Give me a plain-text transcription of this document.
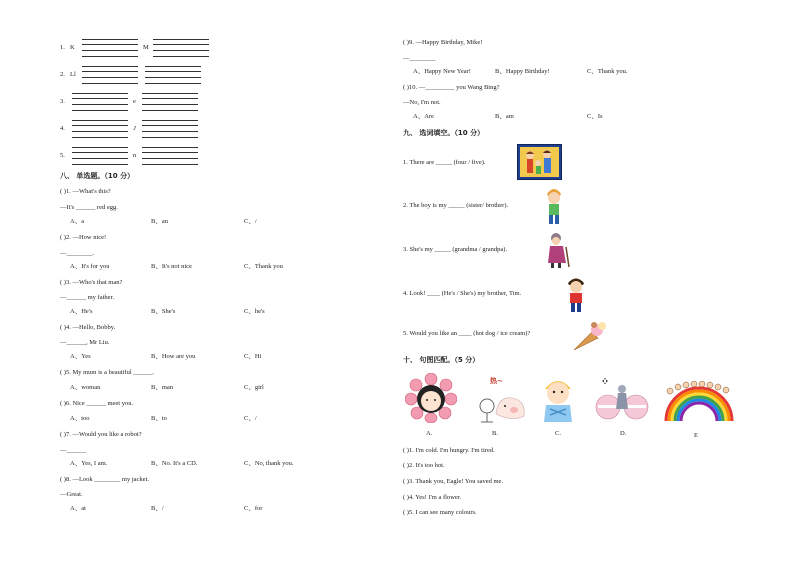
1. K	M
2. Ll
3.	e
4.	J
5.	n
八、 单选题。（10 分）
( )1. —What's this?
—It's ______ red egg.
A、a	B、an	C、/
( )2. —How nice!
—________.
A、It's for you	B、It's not nice	C、Thank you
( )3. —Who's that man?
—______ my father.
A、He's	B、She's	C、he's
( )4. —Hello, Bobby.
—______, Mr Liu.
A、Yes	B、How are you	C、Hi
( )5. My mum is a beautiful ______.
A、woman	B、man	C、girl
( )6. Nice ______ meet you.
A、too	B、to	C、/
( )7. —Would you like a robot?
—______
A、Yes, I am.	B、No. It's a CD.	C、No, thank you.
( )8. —Look ________ my jacket.
—Great.
A、at	B、/	C、for
( )9. —Happy Birthday, Mike!
—________
A、Happy New Year!	B、Happy Birthday!	C、Thank you.
( )10. —_________ you Wang Bing?
—No, I'm not.
A、Are	B、am	C、Is
九、 选词填空。（10 分）
1. There are _____ (four / five).
2. The boy is my _____ (sister/ brother).
3. She's my _____ (grandma / grandpa).
4. Look! ____ (He's / She's) my brother, Tim.
5. Would you like an ____ (hot dog / ice cream)?
十、 句图匹配。（5 分）
热~
A.	B.	C.	D.	E
( )1. I'm cold. I'm hungry. I'm tired.
( )2. It's too hot.
( )3. Thank you, Eagle! You saved me.
( )4. Yes! I'm a flower.
( )5. I can see many colours.
